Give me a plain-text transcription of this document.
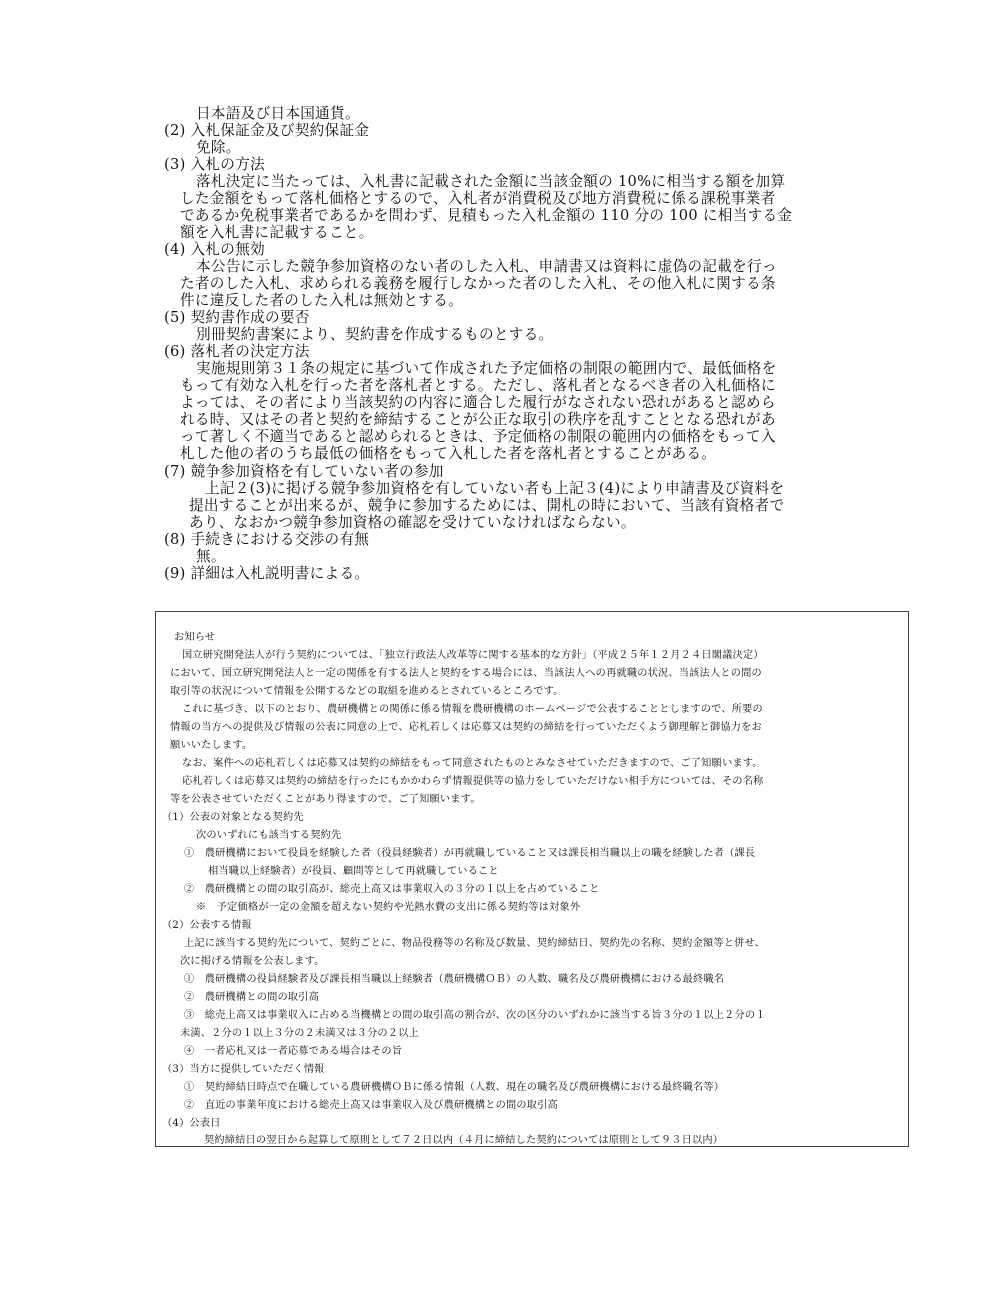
日本語及び日本国通貨。
(2) 入札保証金及び契約保証金
免除。
(3) 入札の方法
落札決定に当たっては、入札書に記載された金額に当該金額の 10%に相当する額を加算
した金額をもって落札価格とするので、入札者が消費税及び地方消費税に係る課税事業者
であるか免税事業者であるかを問わず、見積もった入札金額の 110 分の 100 に相当する金
額を入札書に記載すること。
(4) 入札の無効
本公告に示した競争参加資格のない者のした入札、申請書又は資料に虚偽の記載を行っ
た者のした入札、求められる義務を履行しなかった者のした入札、その他入札に関する条
件に違反した者のした入札は無効とする。
(5) 契約書作成の要否
別冊契約書案により、契約書を作成するものとする。
(6) 落札者の決定方法
実施規則第３１条の規定に基づいて作成された予定価格の制限の範囲内で、最低価格を
もって有効な入札を行った者を落札者とする。ただし、落札者となるべき者の入札価格に
よっては、その者により当該契約の内容に適合した履行がなされない恐れがあると認めら
れる時、又はその者と契約を締結することが公正な取引の秩序を乱すこととなる恐れがあ
って著しく不適当であると認められるときは、予定価格の制限の範囲内の価格をもって入
札した他の者のうち最低の価格をもって入札した者を落札者とすることがある。
(7) 競争参加資格を有していない者の参加
上記２(3)に掲げる競争参加資格を有していない者も上記３(4)により申請書及び資料を
提出することが出来るが、競争に参加するためには、開札の時において、当該有資格者で
あり、なおかつ競争参加資格の確認を受けていなければならない。
(8) 手続きにおける交渉の有無
無。
(9) 詳細は入札説明書による。
お知らせ
国立研究開発法人が行う契約については、「独立行政法人改革等に関する基本的な方針」（平成２５年１２月２４日閣議決定）
において、国立研究開発法人と一定の関係を有する法人と契約をする場合には、当該法人への再就職の状況、当該法人との間の
取引等の状況について情報を公開するなどの取組を進めるとされているところです。
これに基づき、以下のとおり、農研機構との関係に係る情報を農研機構のホームページで公表することとしますので、所要の
情報の当方への提供及び情報の公表に同意の上で、応札若しくは応募又は契約の締結を行っていただくよう御理解と御協力をお
願いいたします。
なお、案件への応札若しくは応募又は契約の締結をもって同意されたものとみなさせていただきますので、ご了知願います。
応札若しくは応募又は契約の締結を行ったにもかかわらず情報提供等の協力をしていただけない相手方については、その名称
等を公表させていただくことがあり得ますので、ご了知願います。
（1）公表の対象となる契約先
次のいずれにも該当する契約先
①　農研機構において役員を経験した者（役員経験者）が再就職していること又は課長相当職以上の職を経験した者（課長
相当職以上経験者）が役員、顧問等として再就職していること
②　農研機構との間の取引高が、総売上高又は事業収入の３分の１以上を占めていること
※　予定価格が一定の金額を超えない契約や光熱水費の支出に係る契約等は対象外
（2）公表する情報
上記に該当する契約先について、契約ごとに、物品役務等の名称及び数量、契約締結日、契約先の名称、契約金額等と併せ、
次に掲げる情報を公表します。
①　農研機構の役員経験者及び課長相当職以上経験者（農研機構ＯＢ）の人数、職名及び農研機構における最終職名
②　農研機構との間の取引高
③　総売上高又は事業収入に占める当機構との間の取引高の割合が、次の区分のいずれかに該当する旨３分の１以上２分の１
未満、２分の１以上３分の２未満又は３分の２以上
④　一者応札又は一者応募である場合はその旨
（3）当方に提供していただく情報
①　契約締結日時点で在職している農研機構ＯＢに係る情報（人数、現在の職名及び農研機構における最終職名等）
②　直近の事業年度における総売上高又は事業収入及び農研機構との間の取引高
（4）公表日
契約締結日の翌日から起算して原則として７２日以内（４月に締結した契約については原則として９３日以内）
